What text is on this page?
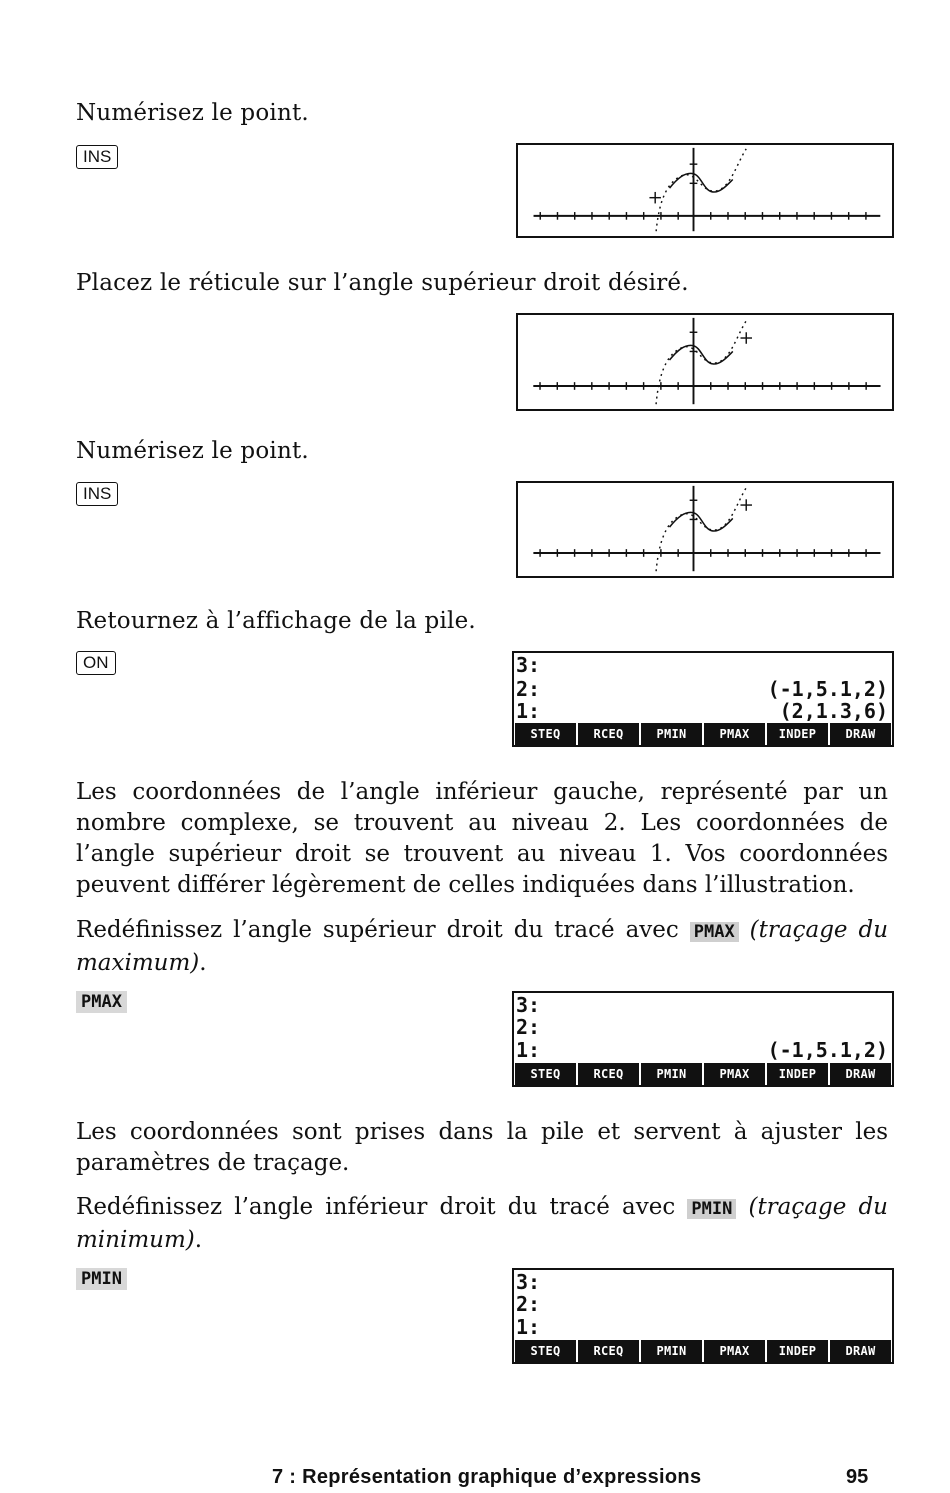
Numérisez le point.
INS
Placez le réticule sur l’angle supérieur droit désiré.
Numérisez le point.
INS
Retournez à l’affichage de la pile.
ON	3:
2:	(-1,5.1,2)
1:	(2,1.3,6)
STEQ	RCEQ	PMIN	PMAX	INDEP	DRAW
Les coordonnées de l’angle inférieur gauche, représenté par un nombre complexe, se trouvent au niveau 2. Les coordonnées de l’angle supérieur droit se trouvent au niveau 1. Vos coordonnées peuvent différer légèrement de celles indiquées dans l’illustration.
Redéfinissez l’angle supérieur droit du tracé avec PMAX (traçage du maximum).
PMAX	3:
2:
1:	(-1,5.1,2)
STEQ	RCEQ	PMIN	PMAX	INDEP	DRAW
Les coordonnées sont prises dans la pile et servent à ajuster les paramètres de traçage.
Redéfinissez l’angle inférieur droit du tracé avec PMIN (traçage du minimum).
PMIN	3:
2:
1:
STEQ	RCEQ	PMIN	PMAX	INDEP	DRAW
7 : Représentation graphique d’expressions	95
